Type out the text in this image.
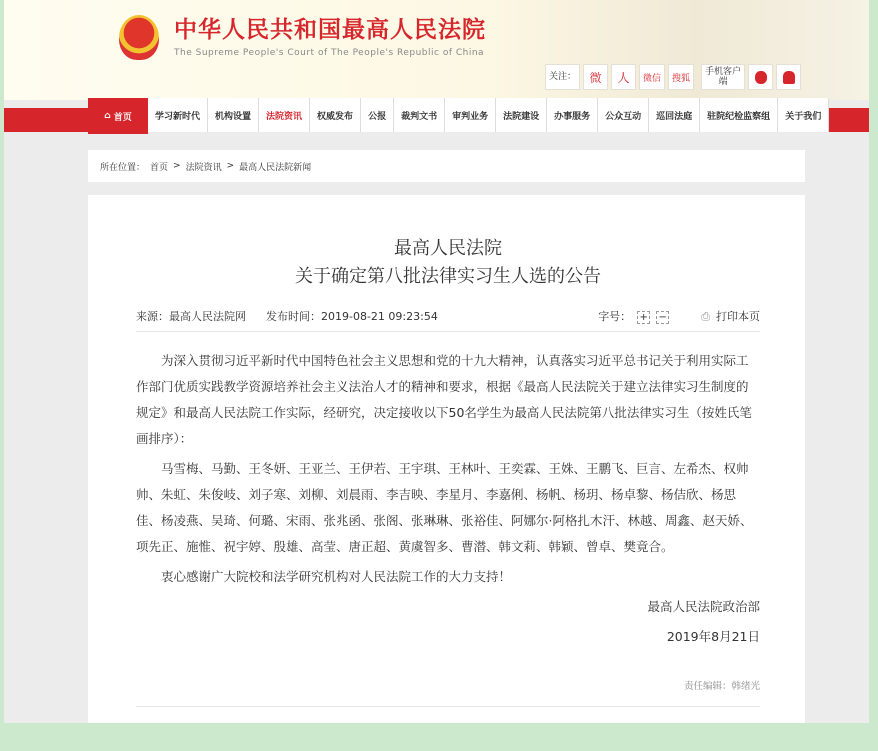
中华人民共和国最高人民法院
The Supreme People's Court of The People's Republic of China
关注：	微	人	微信	搜狐
手机客户端
⌂ 首页	学习新时代	机构设置	法院资讯	权威发布	公报	裁判文书	审判业务	法院建设	办事服务	公众互动	巡回法庭	驻院纪检监察组	关于我们
所在位置： 首页 > 法院资讯 > 最高人民法院新闻
最高人民法院
关于确定第八批法律实习生人选的公告
来源：最高人民法院网 发布时间：2019-08-21 09:23:54	字号： + −	⎙ 打印本页

为深入贯彻习近平新时代中国特色社会主义思想和党的十九大精神，认真落实习近平总书记关于利用实际工作部门优质实践教学资源培养社会主义法治人才的精神和要求，根据《最高人民法院关于建立法律实习生制度的规定》和最高人民法院工作实际，经研究，决定接收以下50名学生为最高人民法院第八批法律实习生（按姓氏笔画排序）：

马雪梅、马勤、王冬妍、王亚兰、王伊若、王宇琪、王林叶、王奕霖、王姝、王鹏飞、巨言、左希杰、权帅帅、朱虹、朱俊岐、刘子寒、刘柳、刘晨雨、李吉映、李星月、李嘉俐、杨帆、杨玥、杨卓黎、杨佶欣、杨思佳、杨凌燕、吴琦、何璐、宋雨、张兆函、张阁、张琳琳、张裕佳、阿娜尔·阿格扎木汗、林越、周鑫、赵天娇、项先正、施惟、祝宇婷、殷雄、高莹、唐正超、黄虞智多、曹潜、韩文莉、韩颖、曾卓、樊竟合。

衷心感谢广大院校和法学研究机构对人民法院工作的大力支持！

最高人民法院政治部

2019年8月21日

责任编辑：韩绪光
